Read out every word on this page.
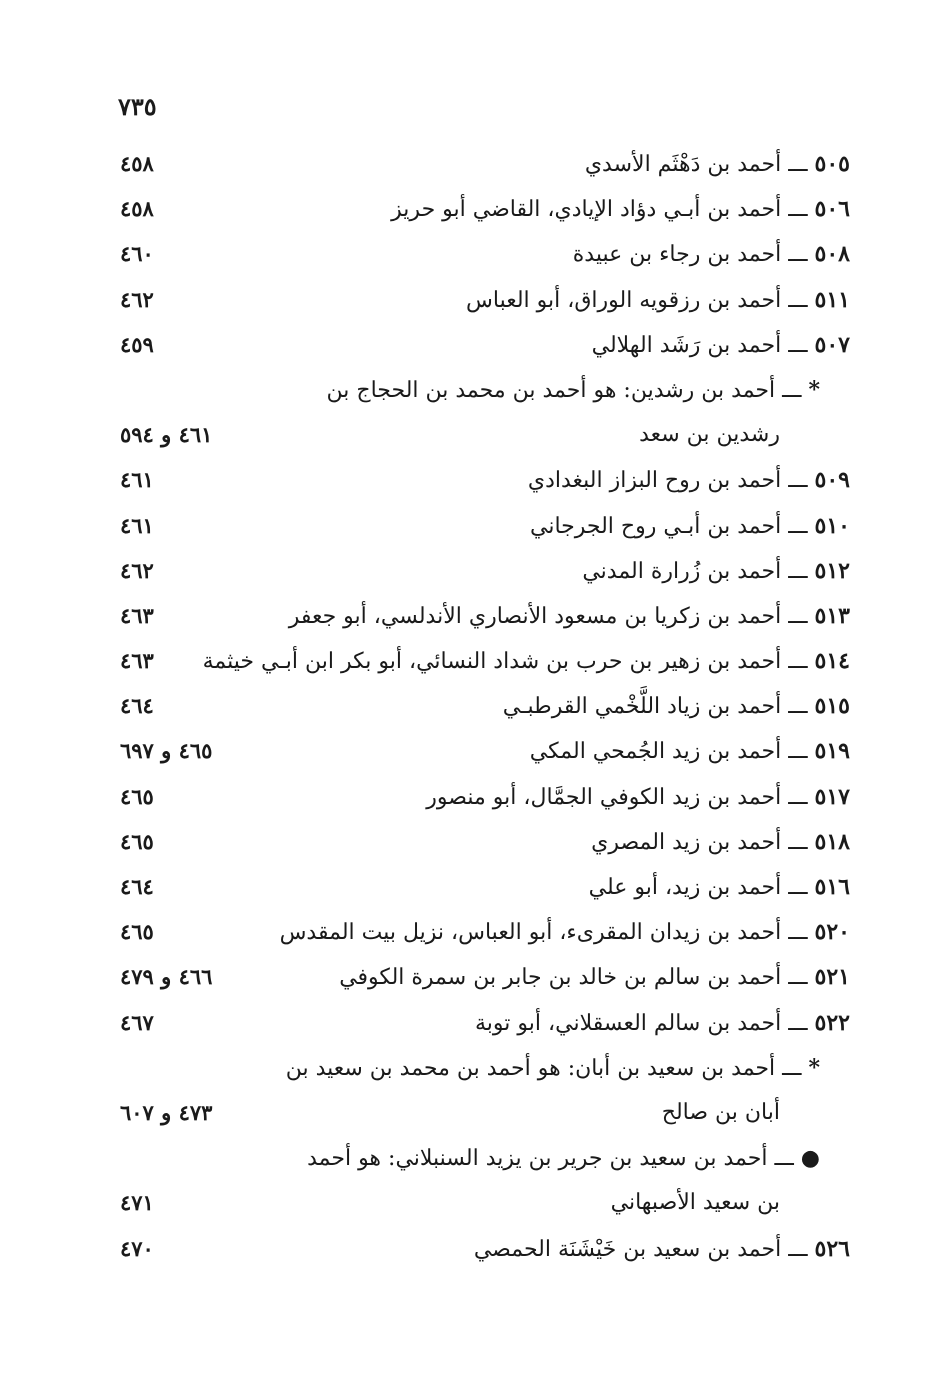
٧٣٥
٥٠٥ ـــ أحمد بن دَهْثَم الأسدي
٤٥٨
٥٠٦ ـــ أحمد بن أبـي دؤاد الإيادي، القاضي أبو حريز
٤٥٨
٥٠٨ ـــ أحمد بن رجاء بن عبيدة
٤٦٠
٥١١ ـــ أحمد بن رزقويه الوراق، أبو العباس
٤٦٢
٥٠٧ ـــ أحمد بن رَشَد الهلالي
٤٥٩
* ـــ أحمد بن رشدين: هو أحمد بن محمد بن الحجاج بن
رشدين بن سعد
٤٦١ و ٥٩٤
٥٠٩ ـــ أحمد بن روح البزاز البغدادي
٤٦١
٥١٠ ـــ أحمد بن أبـي روح الجرجاني
٤٦١
٥١٢ ـــ أحمد بن زُرارة المدني
٤٦٢
٥١٣ ـــ أحمد بن زكريا بن مسعود الأنصاري الأندلسي، أبو جعفر
٤٦٣
٥١٤ ـــ أحمد بن زهير بن حرب بن شداد النسائي، أبو بكر ابن أبـي خيثمة
٤٦٣
٥١٥ ـــ أحمد بن زياد اللَّخْمي القرطبـي
٤٦٤
٥١٩ ـــ أحمد بن زيد الجُمحي المكي
٤٦٥ و ٦٩٧
٥١٧ ـــ أحمد بن زيد الكوفي الجمَّال، أبو منصور
٤٦٥
٥١٨ ـــ أحمد بن زيد المصري
٤٦٥
٥١٦ ـــ أحمد بن زيد، أبو علي
٤٦٤
٥٢٠ ـــ أحمد بن زيدان المقرىء، أبو العباس، نزيل بيت المقدس
٤٦٥
٥٢١ ـــ أحمد بن سالم بن خالد بن جابر بن سمرة الكوفي
٤٦٦ و ٤٧٩
٥٢٢ ـــ أحمد بن سالم العسقلاني، أبو توبة
٤٦٧
* ـــ أحمد بن سعيد بن أبان: هو أحمد بن محمد بن سعيد بن
أبان بن صالح
٤٧٣ و ٦٠٧
● ـــ أحمد بن سعيد بن جرير بن يزيد السنبلاني: هو أحمد
بن سعيد الأصبهاني
٤٧١
٥٢٦ ـــ أحمد بن سعيد بن خَيْشَنَة الحمصي
٤٧٠
